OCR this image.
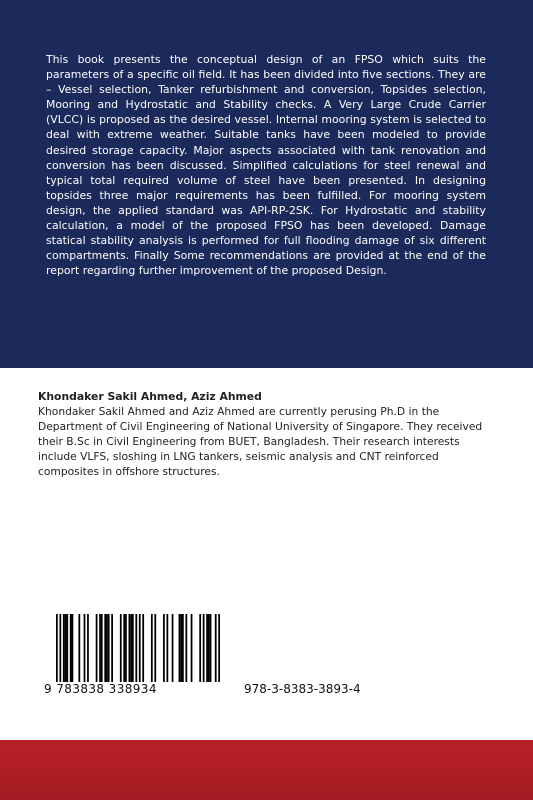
This book presents the conceptual design of an FPSO which suits the parameters of a specific oil field. It has been divided into five sections. They are – Vessel selection, Tanker refurbishment and conversion, Topsides selection, Mooring and Hydrostatic and Stability checks. A Very Large Crude Carrier (VLCC) is proposed as the desired vessel. Internal mooring system is selected to deal with extreme weather. Suitable tanks have been modeled to provide desired storage capacity. Major aspects associated with tank renovation and conversion has been discussed. Simplified calculations for steel renewal and typical total required volume of steel have been presented. In designing topsides three major requirements has been fulfilled. For mooring system design, the applied standard was API-RP-2SK. For Hydrostatic and stability calculation, a model of the proposed FPSO has been developed. Damage statical stability analysis is performed for full flooding damage of six different compartments. Finally Some recommendations are provided at the end of the report regarding further improvement of the proposed Design.

Khondaker Sakil Ahmed, Aziz Ahmed

Khondaker Sakil Ahmed and Aziz Ahmed are currently perusing Ph.D in the Department of Civil Engineering of National University of Singapore. They received their B.Sc in Civil Engineering from BUET, Bangladesh. Their research interests include VLFS, sloshing in LNG tankers, seismic analysis and CNT reinforced composites in offshore structures.

9 783838 338934	978-3-8383-3893-4
